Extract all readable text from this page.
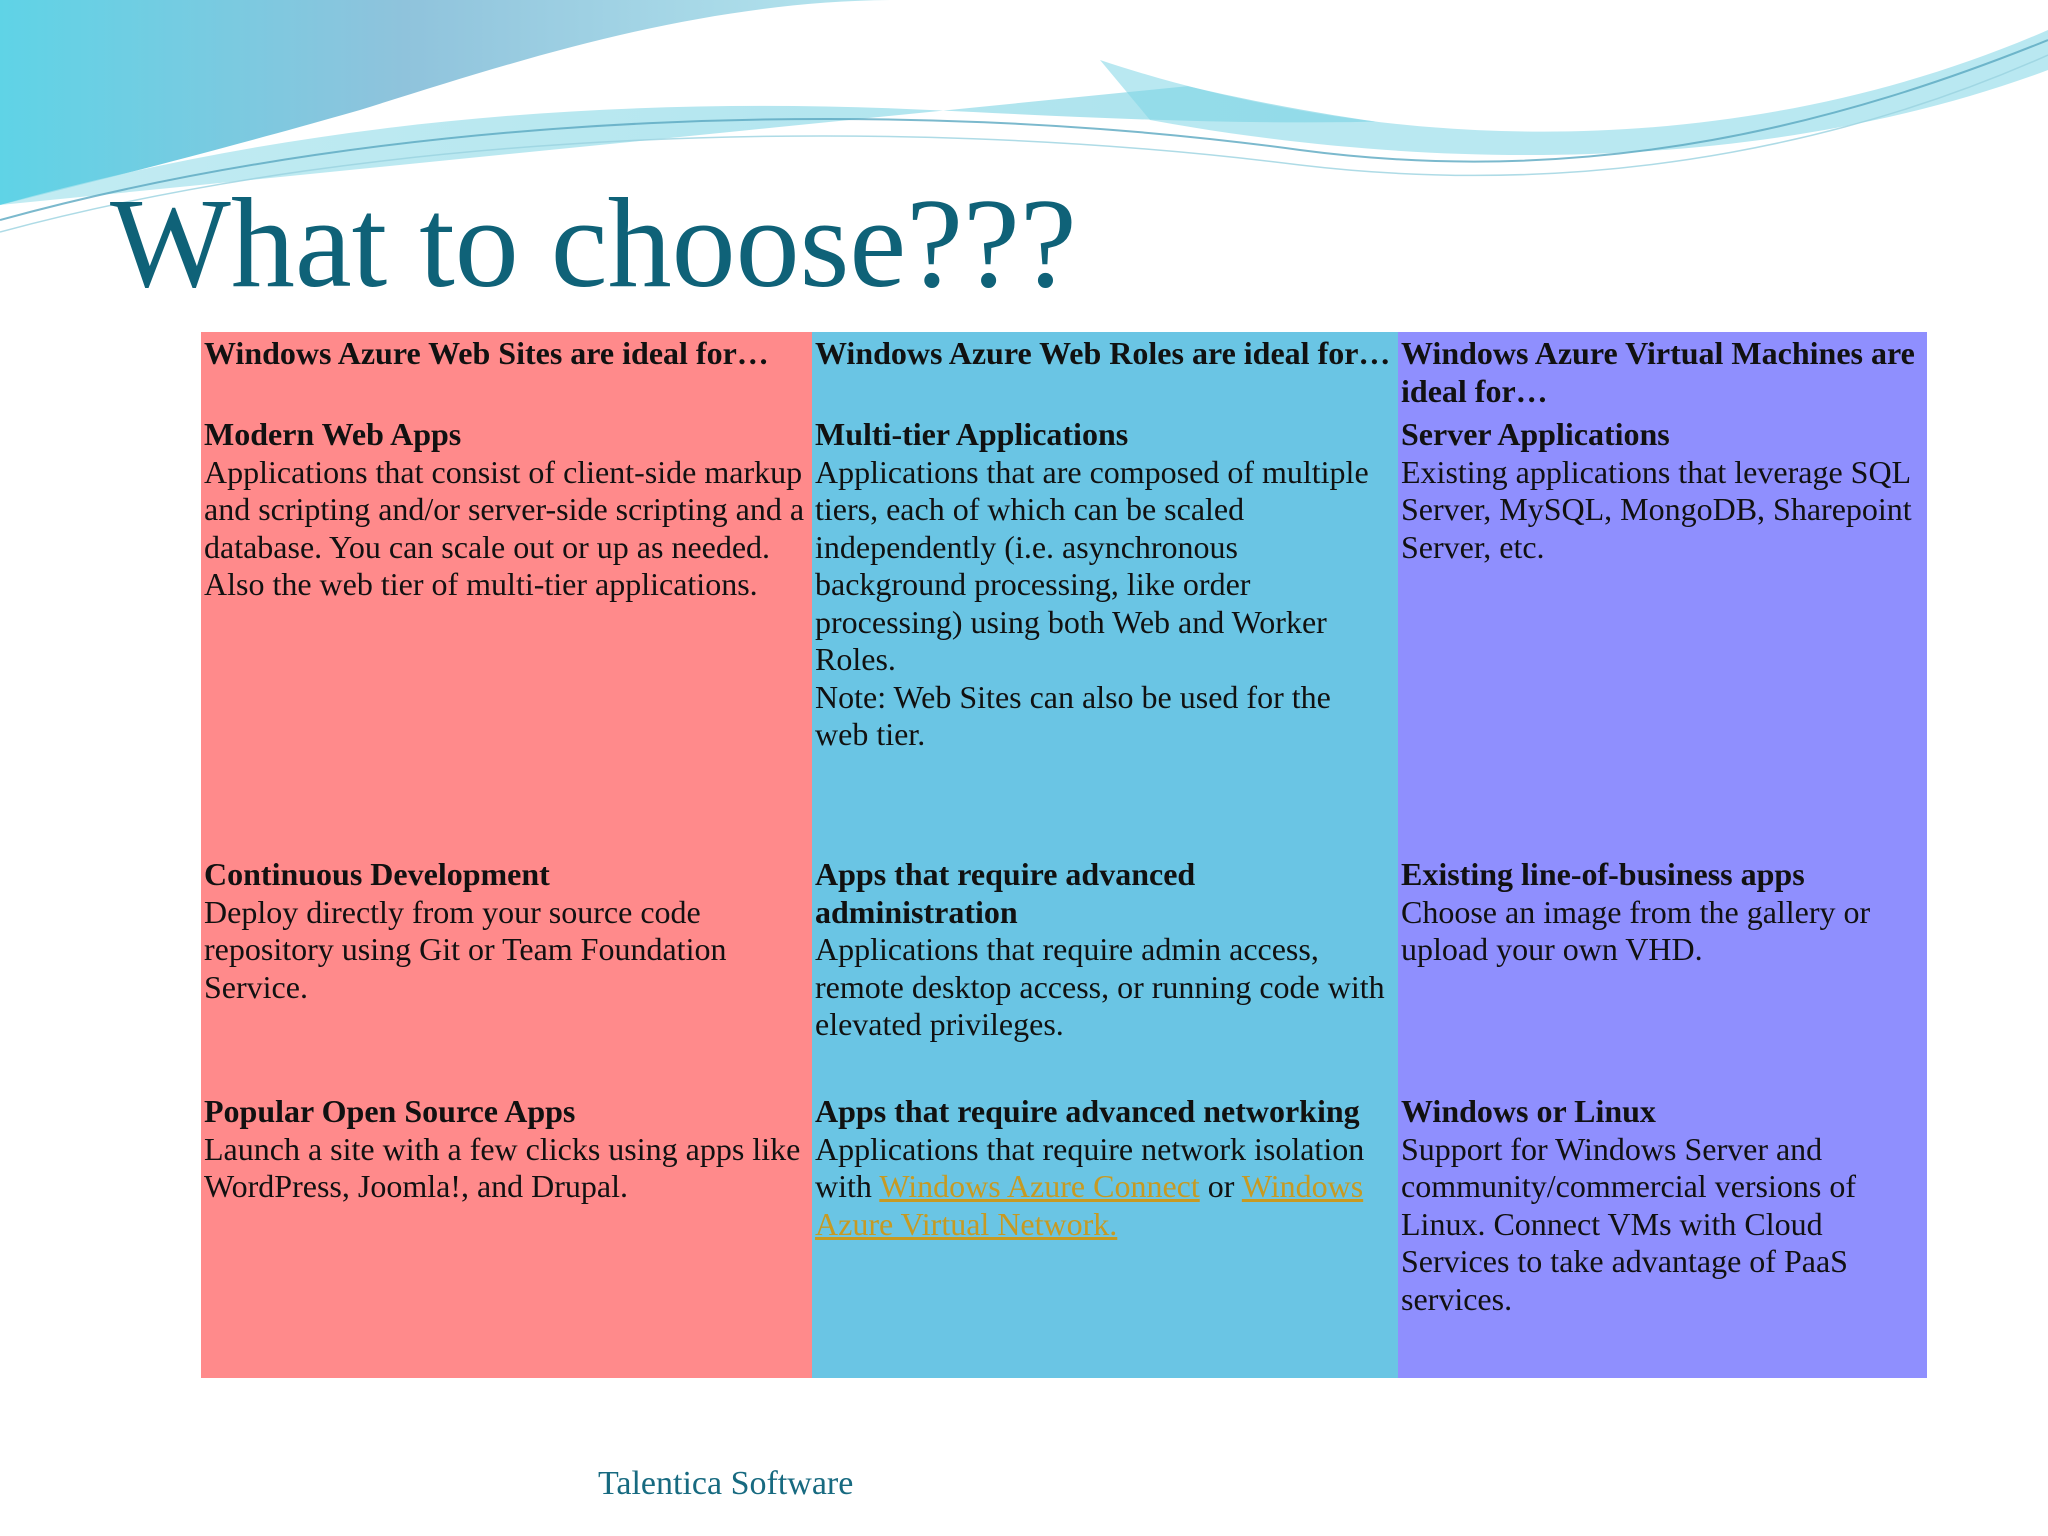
What to choose???
Windows Azure Web Sites are ideal for…
Modern Web Apps
Applications that consist of client-side markup and scripting and/or server-side scripting and a database. You can scale out or up as needed.
Also the web tier of multi-tier applications.
Continuous Development
Deploy directly from your source code repository using Git or Team Foundation Service.
Popular Open Source Apps
Launch a site with a few clicks using apps like WordPress, Joomla!, and Drupal.
Windows Azure Web Roles are ideal for…
Multi-tier Applications
Applications that are composed of multiple tiers, each of which can be scaled independently (i.e. asynchronous background processing, like order processing) using both Web and Worker Roles.
Note: Web Sites can also be used for the web tier.
Apps that require advanced administration
Applications that require admin access, remote desktop access, or running code with elevated privileges.
Apps that require advanced networking
Applications that require network isolation with Windows Azure Connect or Windows Azure Virtual Network.
Windows Azure Virtual Machines are ideal for…
Server Applications
Existing applications that leverage SQL Server, MySQL, MongoDB, Sharepoint Server, etc.
Existing line-of-business apps
Choose an image from the gallery or upload your own VHD.
Windows or Linux
Support for Windows Server and community/commercial versions of Linux. Connect VMs with Cloud Services to take advantage of PaaS services.
Talentica Software
